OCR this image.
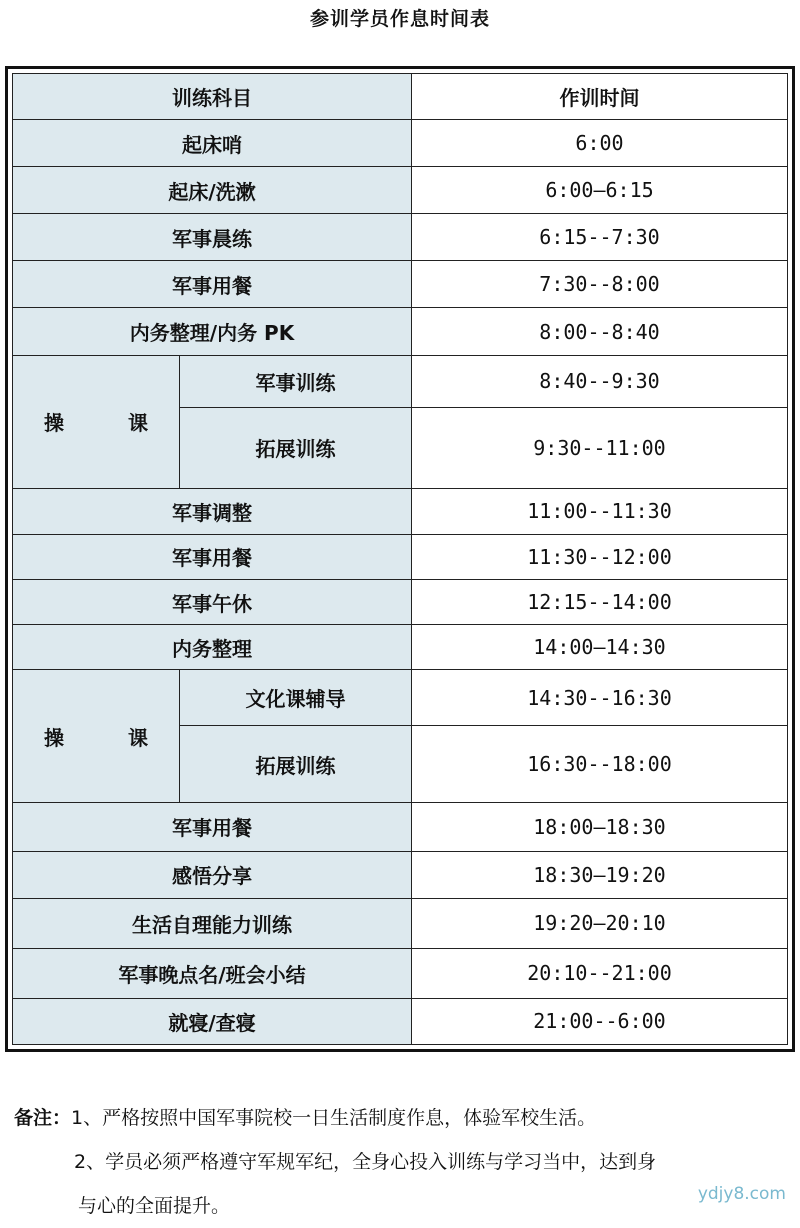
参训学员作息时间表
训练科目		作训时间
起床哨		6:00
起床/洗漱		6:00—6:15
军事晨练		6:15--7:30
军事用餐		7:30--8:00
内务整理/内务 PK		8:00--8:40
操　课	军事训练	8:40--9:30
	拓展训练	9:30--11:00
军事调整		11:00--11:30
军事用餐		11:30--12:00
军事午休		12:15--14:00
内务整理		14:00—14:30
操　课	文化课辅导	14:30--16:30
	拓展训练	16:30--18:00
军事用餐		18:00—18:30
感悟分享		18:30—19:20
生活自理能力训练		19:20—20:10
军事晚点名/班会小结		20:10--21:00
就寝/查寝		21:00--6:00

备注：1、严格按照中国军事院校一日生活制度作息，体验军校生活。

2、学员必须严格遵守军规军纪，全身心投入训练与学习当中，达到身

与心的全面提升。

ydjy8.com
